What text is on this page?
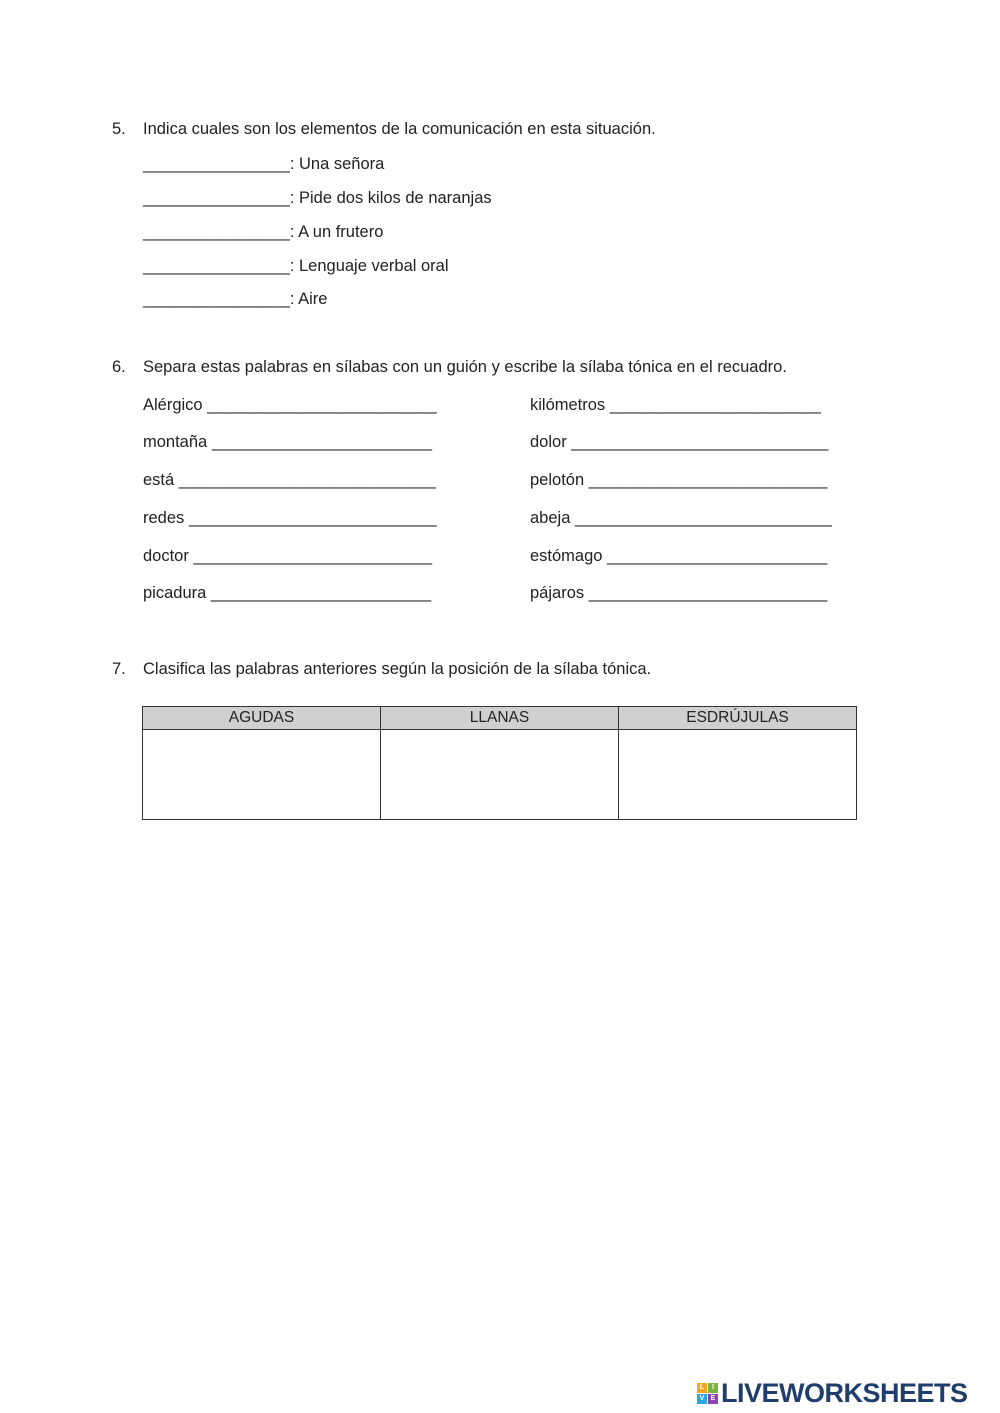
5. Indica cuales son los elementos de la comunicación en esta situación.
________________: Una señora
________________: Pide dos kilos de naranjas
________________: A un frutero
________________: Lenguaje verbal oral
________________: Aire
6. Separa estas palabras en sílabas con un guión y escribe la sílaba tónica en el recuadro.
Alérgico _________________________
montaña ________________________
está ____________________________
redes ___________________________
doctor __________________________
picadura ________________________
kilómetros _______________________
dolor ____________________________
pelotón __________________________
abeja ____________________________
estómago ________________________
pájaros __________________________
7. Clasifica las palabras anteriores según la posición de la sílaba tónica.
AGUDAS	LLANAS	ESDRÚJULAS

L	I
V E LIVEWORKSHEETS
